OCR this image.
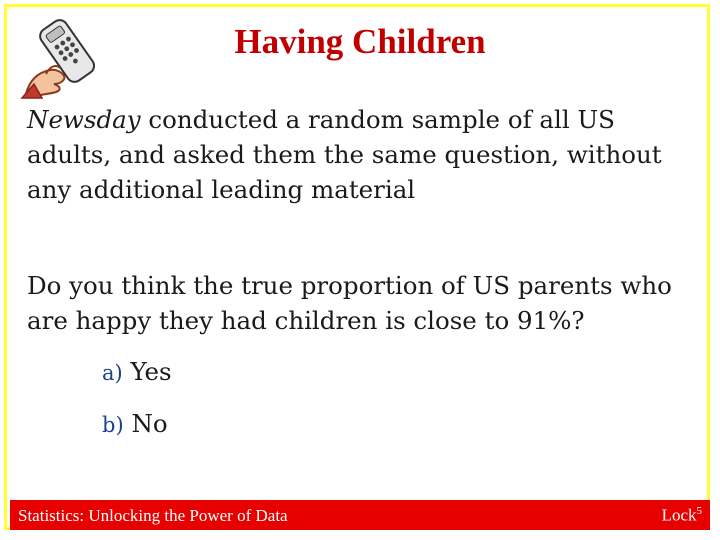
Having Children
Newsday conducted a random sample of all US adults, and asked them the same question, without any additional leading material
Do you think the true proportion of US parents who are happy they had children is close to 91%?
a) Yes
b) No
Statistics: Unlocking the Power of Data	Lock$^5$
